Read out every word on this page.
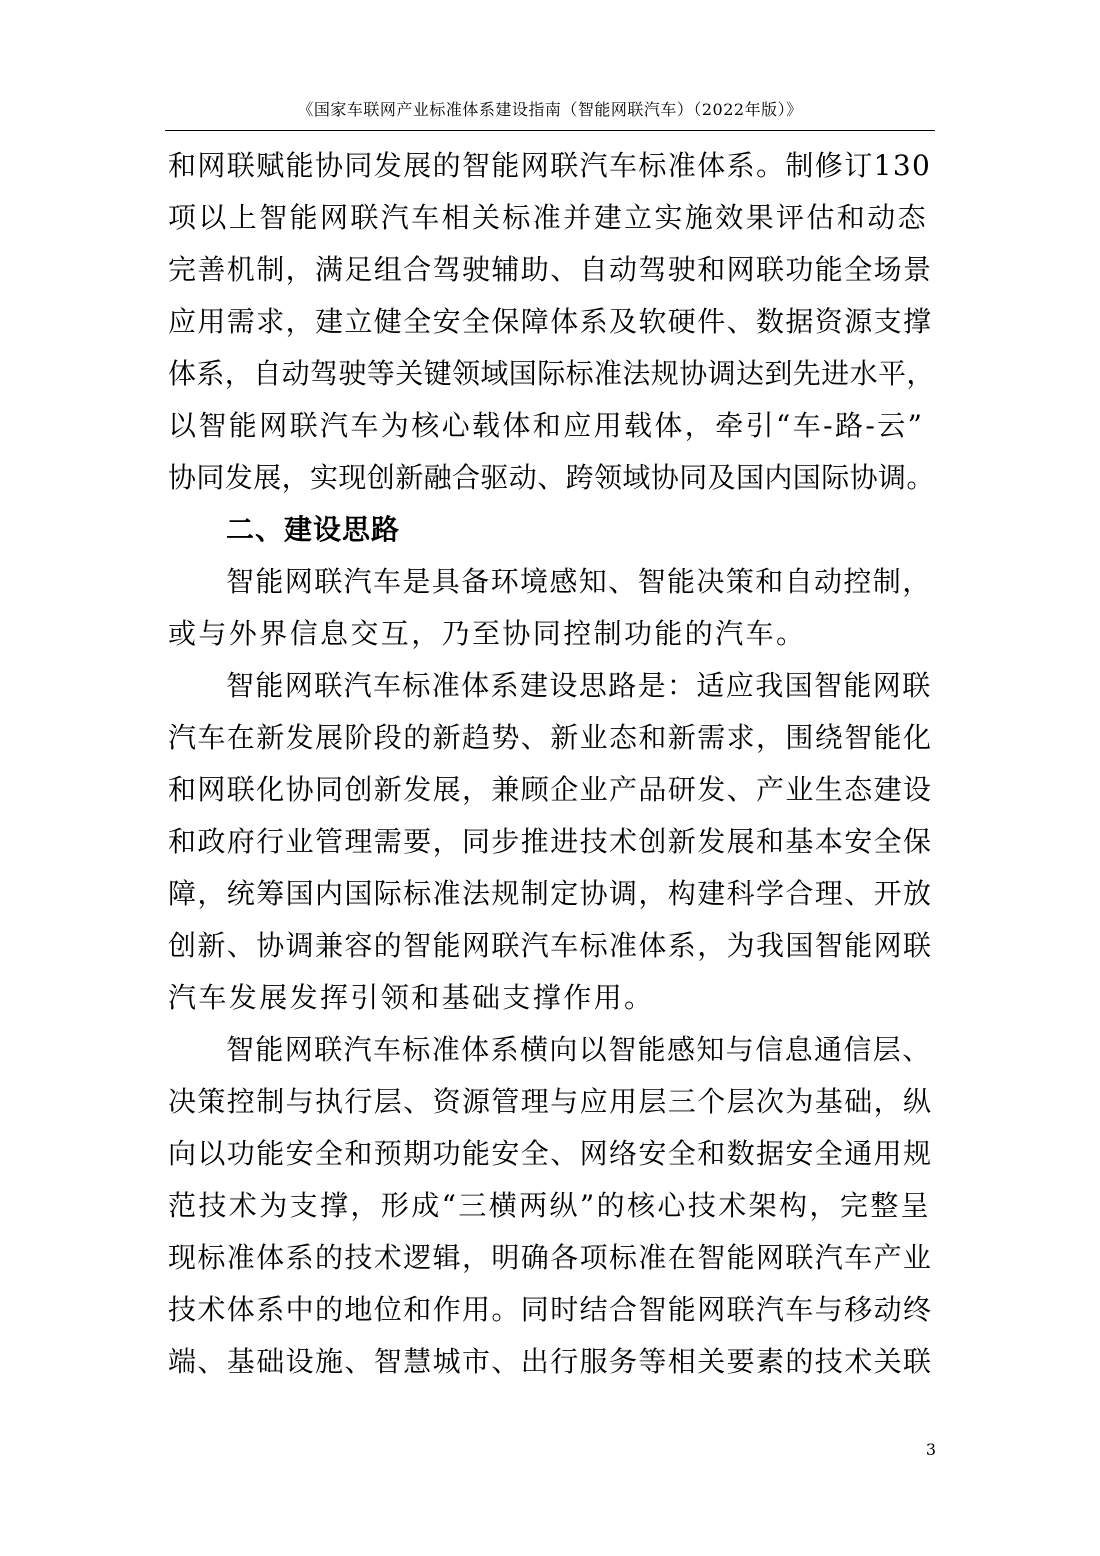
《国家车联网产业标准体系建设指南（智能网联汽车）（2022年版）》
和网联赋能协同发展的智能网联汽车标准体系。制修订130
项以上智能网联汽车相关标准并建立实施效果评估和动态
完善机制，满足组合驾驶辅助、自动驾驶和网联功能全场景
应用需求，建立健全安全保障体系及软硬件、数据资源支撑
体系，自动驾驶等关键领域国际标准法规协调达到先进水平，
以智能网联汽车为核心载体和应用载体，牵引“车-路-云”
协同发展，实现创新融合驱动、跨领域协同及国内国际协调。
二、建设思路
智能网联汽车是具备环境感知、智能决策和自动控制，
或与外界信息交互，乃至协同控制功能的汽车。
智能网联汽车标准体系建设思路是：适应我国智能网联
汽车在新发展阶段的新趋势、新业态和新需求，围绕智能化
和网联化协同创新发展，兼顾企业产品研发、产业生态建设
和政府行业管理需要，同步推进技术创新发展和基本安全保
障，统筹国内国际标准法规制定协调，构建科学合理、开放
创新、协调兼容的智能网联汽车标准体系，为我国智能网联
汽车发展发挥引领和基础支撑作用。
智能网联汽车标准体系横向以智能感知与信息通信层、
决策控制与执行层、资源管理与应用层三个层次为基础，纵
向以功能安全和预期功能安全、网络安全和数据安全通用规
范技术为支撑，形成“三横两纵”的核心技术架构，完整呈
现标准体系的技术逻辑，明确各项标准在智能网联汽车产业
技术体系中的地位和作用。同时结合智能网联汽车与移动终
端、基础设施、智慧城市、出行服务等相关要素的技术关联
3
